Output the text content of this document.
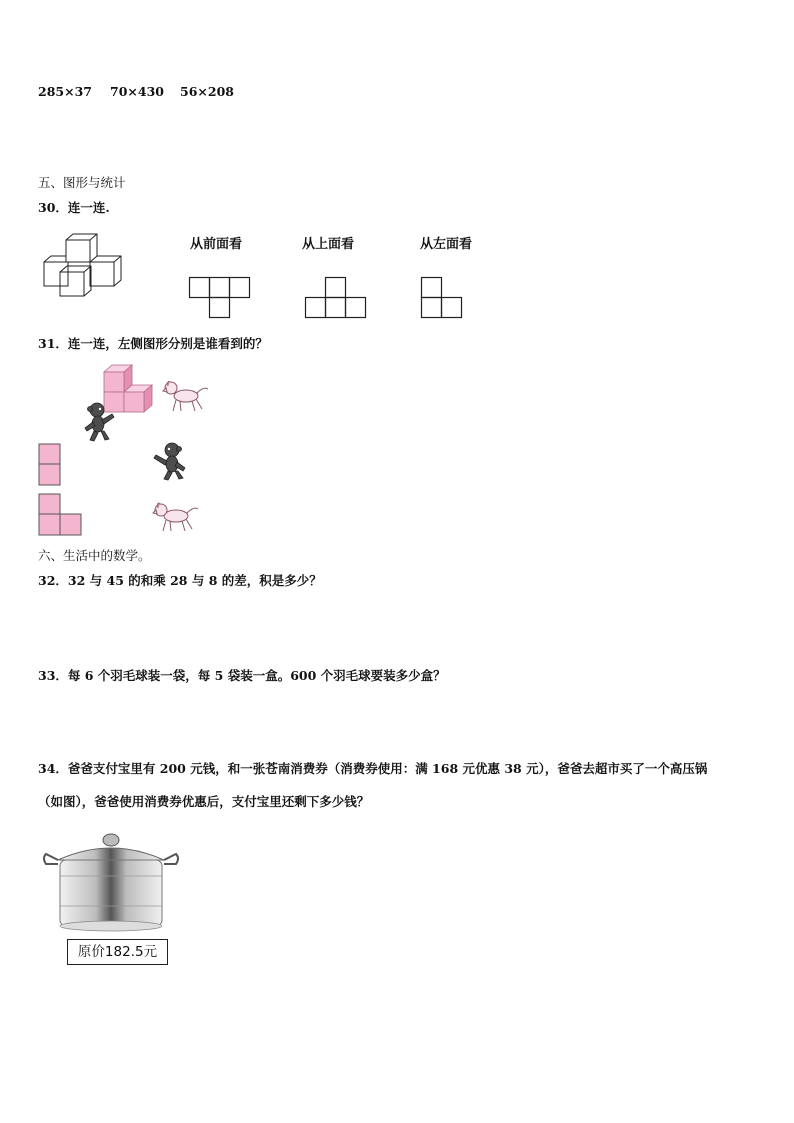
285×37 70×430 56×208
五、图形与统计
30．连一连.
从前面看	从上面看	从左面看
31．连一连，左侧图形分别是谁看到的？
六、生活中的数学。
32．32 与 45 的和乘 28 与 8 的差，积是多少？
33．每 6 个羽毛球装一袋，每 5 袋装一盒。600 个羽毛球要装多少盒？
34．爸爸支付宝里有 200 元钱，和一张苍南消费券（消费券使用：满 168 元优惠 38 元），爸爸去超市买了一个高压锅
（如图），爸爸使用消费券优惠后，支付宝里还剩下多少钱？
原价182.5元
